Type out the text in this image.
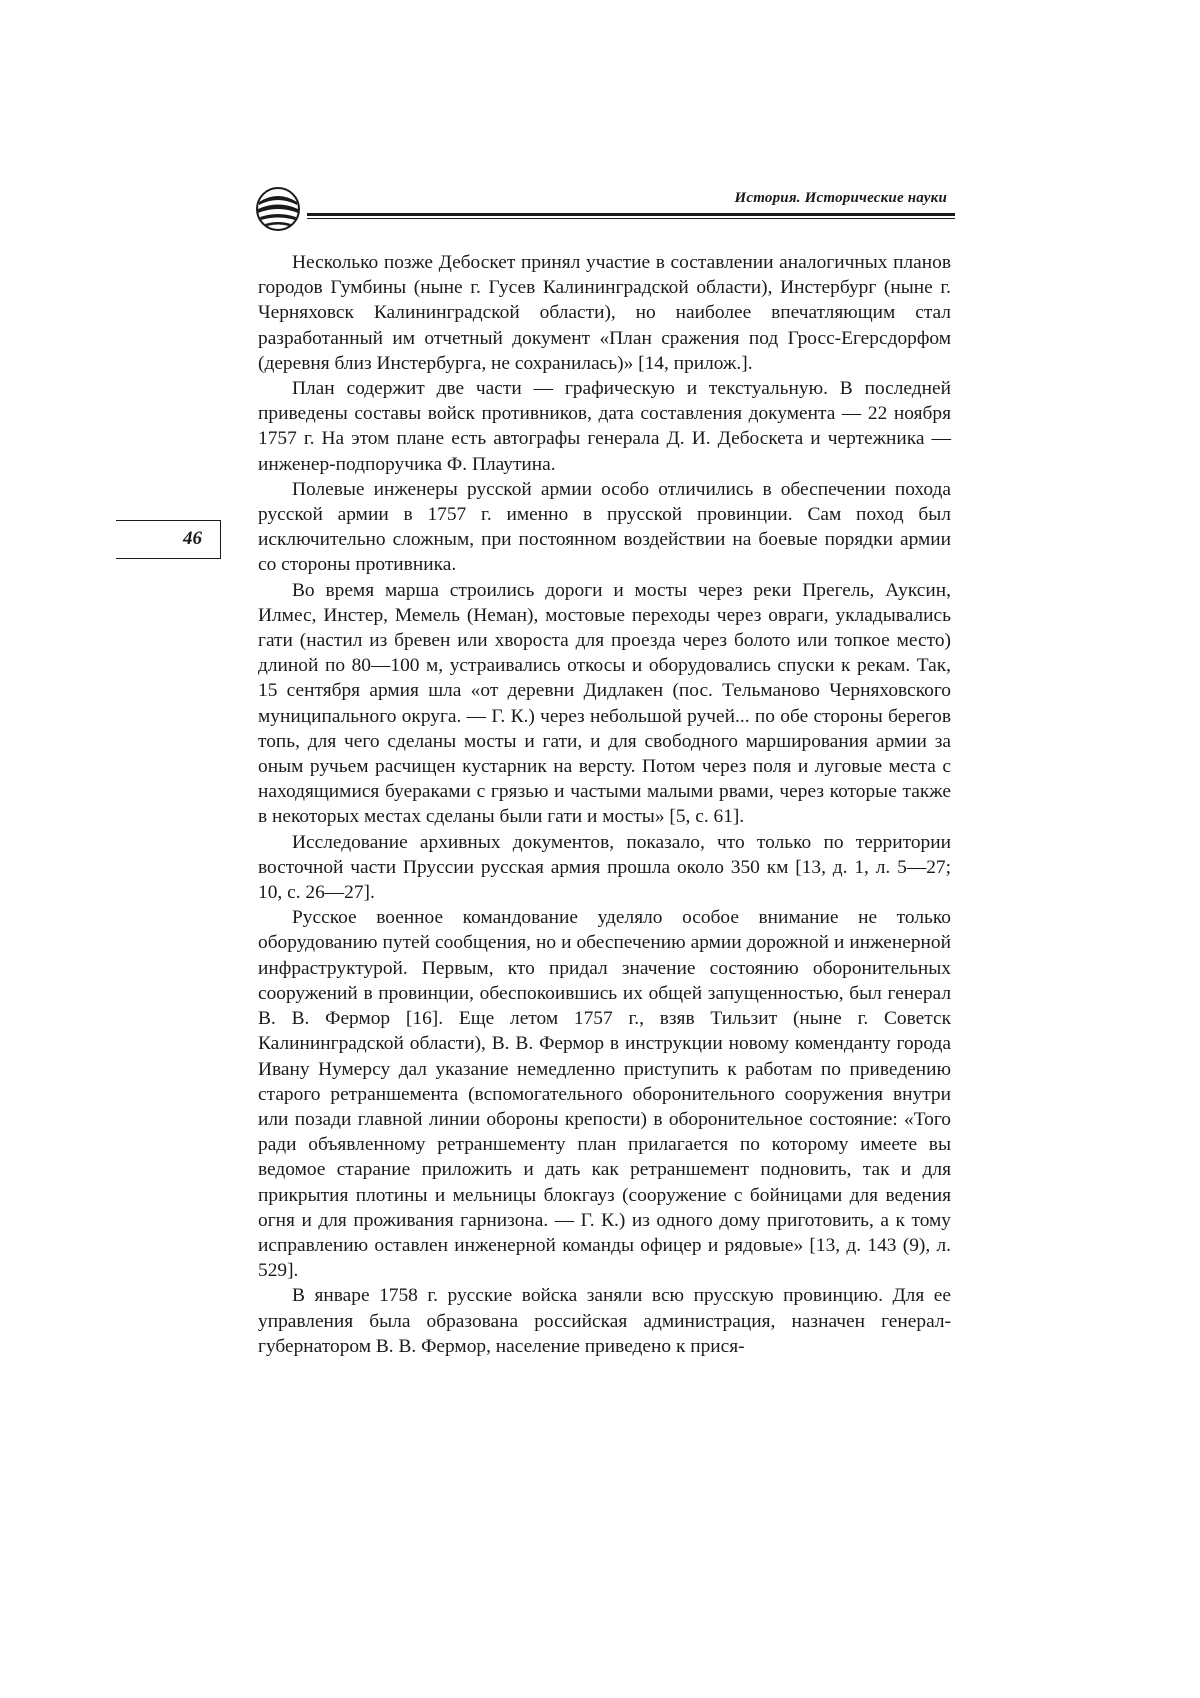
История. Исторические науки
46

Несколько позже Дебоскет принял участие в составлении аналогичных планов городов Гумбины (ныне г. Гусев Калининградской области), Инстербург (ныне г. Черняховск Калининградской области), но наиболее впечатляющим стал разработанный им отчетный документ «План сражения под Гросс-Егерсдорфом (деревня близ Инстербурга, не сохранилась)» [14, прилож.].

План содержит две части — графическую и текстуальную. В последней приведены составы войск противников, дата составления документа — 22 ноября 1757 г. На этом плане есть автографы генерала Д. И. Дебоскета и чертежника — инженер-подпоручика Ф. Плаутина.

Полевые инженеры русской армии особо отличились в обеспечении похода русской армии в 1757 г. именно в прусской провинции. Сам поход был исключительно сложным, при постоянном воздействии на боевые порядки армии со стороны противника.

Во время марша строились дороги и мосты через реки Прегель, Ауксин, Илмес, Инстер, Мемель (Неман), мостовые переходы через овраги, укладывались гати (настил из бревен или хвороста для проезда через болото или топкое место) длиной по 80—100 м, устраивались откосы и оборудовались спуски к рекам. Так, 15 сентября армия шла «от деревни Дидлакен (пос. Тельманово Черняховского муниципального округа. — Г. К.) через небольшой ручей... по обе стороны берегов топь, для чего сделаны мосты и гати, и для свободного марширования армии за оным ручьем расчищен кустарник на версту. Потом через поля и луговые места с находящимися буераками с грязью и частыми малыми рвами, через которые также в некоторых местах сделаны были гати и мосты» [5, с. 61].

Исследование архивных документов, показало, что только по территории восточной части Пруссии русская армия прошла около 350 км [13, д. 1, л. 5—27; 10, с. 26—27].

Русское военное командование уделяло особое внимание не только оборудованию путей сообщения, но и обеспечению армии дорожной и инженерной инфраструктурой. Первым, кто придал значение состоянию оборонительных сооружений в провинции, обеспокоившись их общей запущенностью, был генерал В. В. Фермор [16]. Еще летом 1757 г., взяв Тильзит (ныне г. Советск Калининградской области), В. В. Фермор в инструкции новому коменданту города Ивану Нумерсу дал указание немедленно приступить к работам по приведению старого ретраншемента (вспомогательного оборонительного сооружения внутри или позади главной линии обороны крепости) в оборонительное состояние: «Того ради объявленному ретраншементу план прилагается по которому имеете вы ведомое старание приложить и дать как ретраншемент подновить, так и для прикрытия плотины и мельницы блокгауз (сооружение с бойницами для ведения огня и для проживания гарнизона. — Г. К.) из одного дому приготовить, а к тому исправлению оставлен инженерной команды офицер и рядовые» [13, д. 143 (9), л. 529].

В январе 1758 г. русские войска заняли всю прусскую провинцию. Для ее управления была образована российская администрация, назначен генерал-губернатором В. В. Фермор, население приведено к прися-
